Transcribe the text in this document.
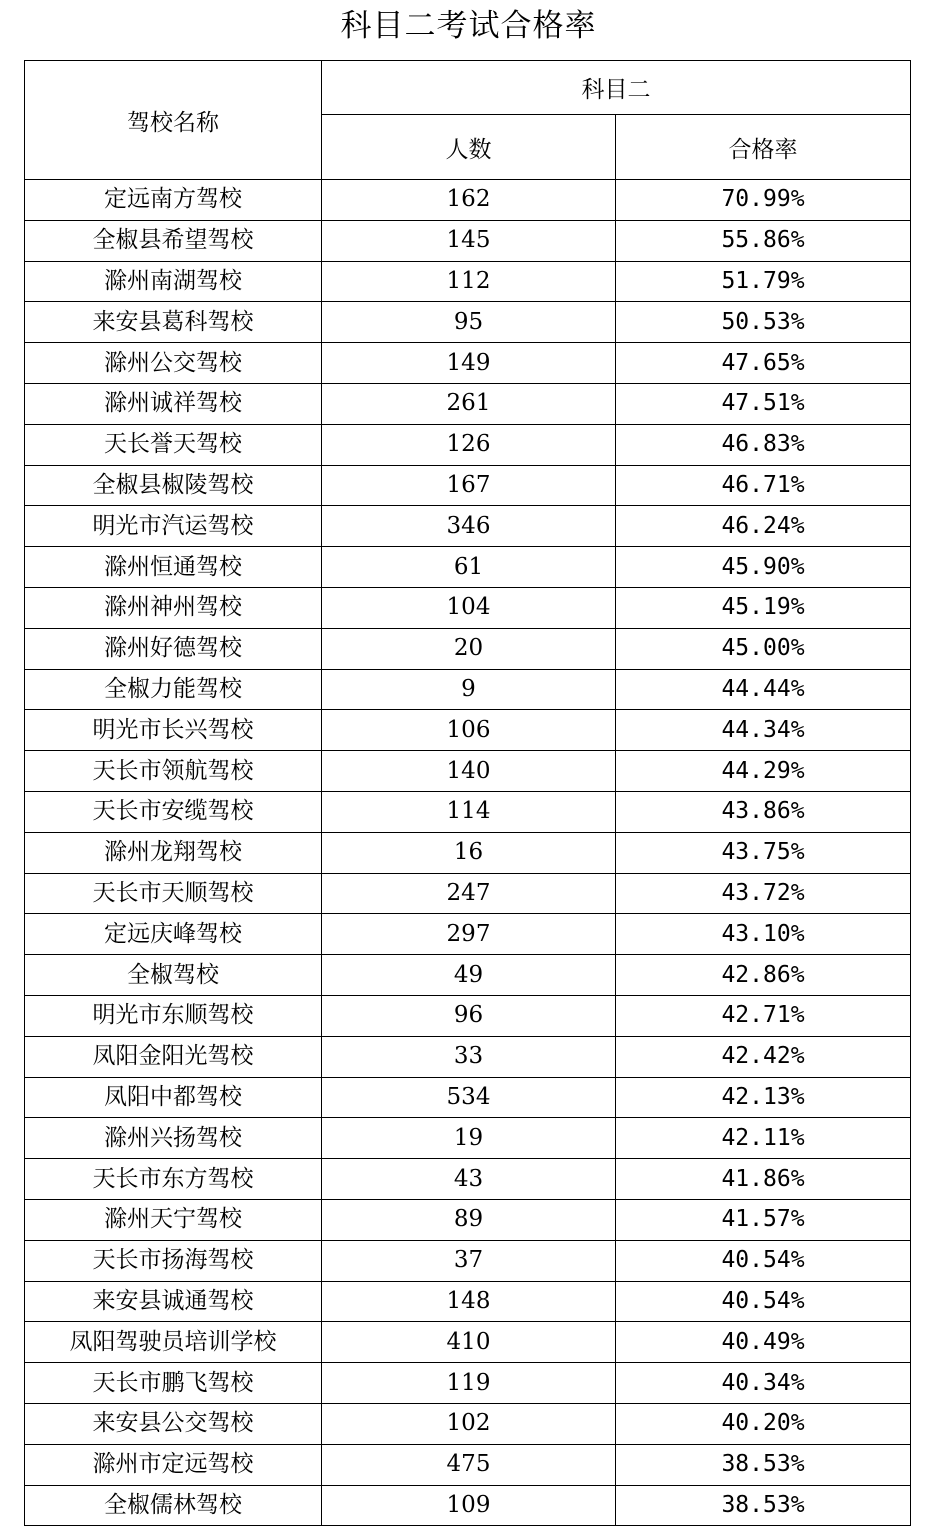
科目二考试合格率
驾校名称	科目二	
	人数	合格率
定远南方驾校	162	70.99%
全椒县希望驾校	145	55.86%
滁州南湖驾校	112	51.79%
来安县葛科驾校	95	50.53%
滁州公交驾校	149	47.65%
滁州诚祥驾校	261	47.51%
天长誉天驾校	126	46.83%
全椒县椒陵驾校	167	46.71%
明光市汽运驾校	346	46.24%
滁州恒通驾校	61	45.90%
滁州神州驾校	104	45.19%
滁州好德驾校	20	45.00%
全椒力能驾校	9	44.44%
明光市长兴驾校	106	44.34%
天长市领航驾校	140	44.29%
天长市安缆驾校	114	43.86%
滁州龙翔驾校	16	43.75%
天长市天顺驾校	247	43.72%
定远庆峰驾校	297	43.10%
全椒驾校	49	42.86%
明光市东顺驾校	96	42.71%
凤阳金阳光驾校	33	42.42%
凤阳中都驾校	534	42.13%
滁州兴扬驾校	19	42.11%
天长市东方驾校	43	41.86%
滁州天宁驾校	89	41.57%
天长市扬海驾校	37	40.54%
来安县诚通驾校	148	40.54%
凤阳驾驶员培训学校	410	40.49%
天长市鹏飞驾校	119	40.34%
来安县公交驾校	102	40.20%
滁州市定远驾校	475	38.53%
全椒儒林驾校	109	38.53%
